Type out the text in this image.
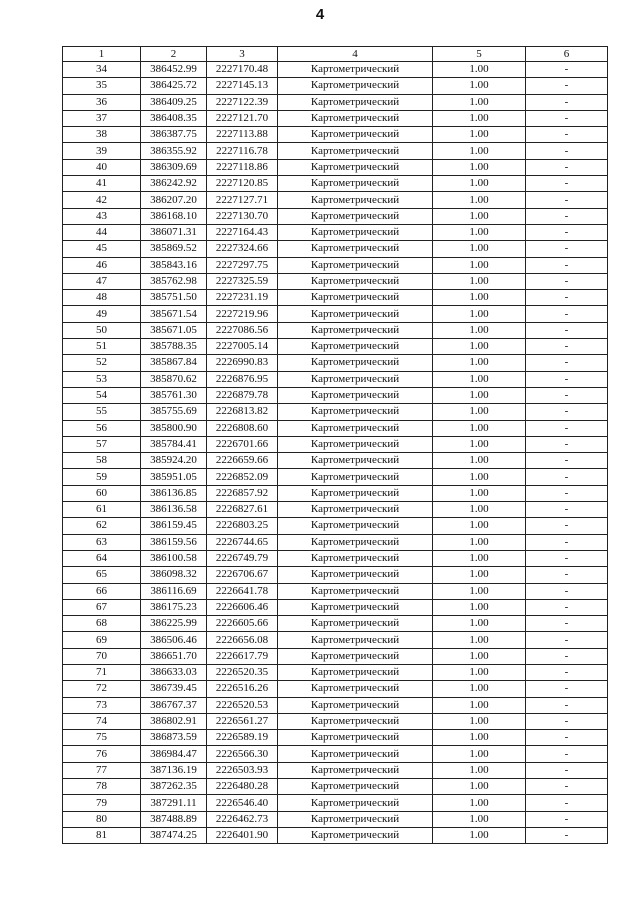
4
1	2	3	4	5	6
34	386452.99	2227170.48	Картометрический	1.00	-
35	386425.72	2227145.13	Картометрический	1.00	-
36	386409.25	2227122.39	Картометрический	1.00	-
37	386408.35	2227121.70	Картометрический	1.00	-
38	386387.75	2227113.88	Картометрический	1.00	-
39	386355.92	2227116.78	Картометрический	1.00	-
40	386309.69	2227118.86	Картометрический	1.00	-
41	386242.92	2227120.85	Картометрический	1.00	-
42	386207.20	2227127.71	Картометрический	1.00	-
43	386168.10	2227130.70	Картометрический	1.00	-
44	386071.31	2227164.43	Картометрический	1.00	-
45	385869.52	2227324.66	Картометрический	1.00	-
46	385843.16	2227297.75	Картометрический	1.00	-
47	385762.98	2227325.59	Картометрический	1.00	-
48	385751.50	2227231.19	Картометрический	1.00	-
49	385671.54	2227219.96	Картометрический	1.00	-
50	385671.05	2227086.56	Картометрический	1.00	-
51	385788.35	2227005.14	Картометрический	1.00	-
52	385867.84	2226990.83	Картометрический	1.00	-
53	385870.62	2226876.95	Картометрический	1.00	-
54	385761.30	2226879.78	Картометрический	1.00	-
55	385755.69	2226813.82	Картометрический	1.00	-
56	385800.90	2226808.60	Картометрический	1.00	-
57	385784.41	2226701.66	Картометрический	1.00	-
58	385924.20	2226659.66	Картометрический	1.00	-
59	385951.05	2226852.09	Картометрический	1.00	-
60	386136.85	2226857.92	Картометрический	1.00	-
61	386136.58	2226827.61	Картометрический	1.00	-
62	386159.45	2226803.25	Картометрический	1.00	-
63	386159.56	2226744.65	Картометрический	1.00	-
64	386100.58	2226749.79	Картометрический	1.00	-
65	386098.32	2226706.67	Картометрический	1.00	-
66	386116.69	2226641.78	Картометрический	1.00	-
67	386175.23	2226606.46	Картометрический	1.00	-
68	386225.99	2226605.66	Картометрический	1.00	-
69	386506.46	2226656.08	Картометрический	1.00	-
70	386651.70	2226617.79	Картометрический	1.00	-
71	386633.03	2226520.35	Картометрический	1.00	-
72	386739.45	2226516.26	Картометрический	1.00	-
73	386767.37	2226520.53	Картометрический	1.00	-
74	386802.91	2226561.27	Картометрический	1.00	-
75	386873.59	2226589.19	Картометрический	1.00	-
76	386984.47	2226566.30	Картометрический	1.00	-
77	387136.19	2226503.93	Картометрический	1.00	-
78	387262.35	2226480.28	Картометрический	1.00	-
79	387291.11	2226546.40	Картометрический	1.00	-
80	387488.89	2226462.73	Картометрический	1.00	-
81	387474.25	2226401.90	Картометрический	1.00	-
